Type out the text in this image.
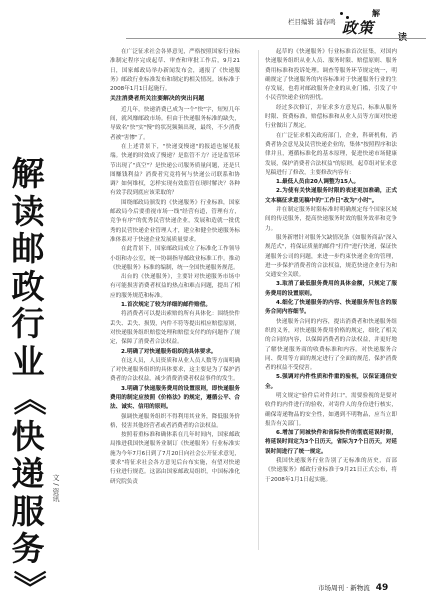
栏目编辑 浦春鸣
解
政策
读
解
读
邮
政
行
业
《
快
递
服
务
》
文 / 资讯

在广泛征求社会各界意见，严格按照国家行业标准制定程序完成起草、审查和审批工作后，9月21日，国家邮政局举办新闻发布会，通报了《快递服务》邮政行业标准发布和制定的相关情况。该标准于2008年1月1日起施行。

关注消费者所关注要解决的突出问题

近几年，快递消费已成为一个"快"字，短短几年间，就风靡邮政市场。但由于快递服务标准的缺失，导致名"快"实"慢"的状况频频出现，最终，不少消费者被"害惨"了。

在上述背景下，"快递变慢递"的报道也屡见报端。快递的时效成了慢递？是监管不力？还是监管环节出现了"真空"？是快递公司服务质量问题，还是只图赚钱利益？消费者究竟将何与快递公司联系和协调？如何维权，怎样实现有效监管在现时解决？各种有效手段到底应该采取的？

围绕邮政局颁发的《快递服务》行业标准，国家邮政局今后要重视市场一线"经营有道，管理有方，竞争有序"的优秀民营快递企业，发展和造就一批优秀的民营快递企业管理人才，建立和健全快递服务标准体系对于快递企业发展质量要求。

在此背景下，国家邮政局成立了标准化工作领导小组和办公室，统一协调指导邮政业标准工作。推动《快递服务》标准的编制，统一全国快递服务规范。

出台的《快递服务》，主要针对快递服务市场中有可能损害消费者权益的热点和难点问题，提出了相应的服务规范和标准。

1.首次规定了较为详细的邮件赔偿。

将消费者可以提出索赔的所有具体化：围绕快件丢失、丢失、损毁，内件不符等提出相应赔偿原则，对快递服务组织赔偿处理和赔偿支付约的问题作了规定，保障了消费者合法权益。

2.明确了对快递服务组织的具体要求。

在这人员，人员资质和从业人员人数等方面明确了对快递服务组织的具体要求，这主要是为了保护消费者的合法权益，减少消费消费者权益事件的发生。

3.明确了快递服务费用的设置原则，即快递服务费用的制定应按照《价格法》的规定，遵循公平、合法、诚实、信用的原则。

强调快递服务组织不得利用其业务，降低服务价格，侵害其他经营者或者消费者的合法权益。

按照着重标准和确体系在几年时间内，国家邮政局推进我国快递服务业制订《快递服务》行业标准实施为今年7月6日到了7月20日向社会公开征求意见，要求"将征求社会各方意见后台布实施，有望对快递行业进行规范。这部由国家邮政局组织，中国标准化研究院负责

起草的《快递服务》行业标准首次征集，对国内快递服务组织从业人员、服务时限、赔偿原则、服务费用标准和投诉处理。调查等服务环节规定统一，明确规定了快递服务的内容标准对于快递服务行业的生存发展，也将对邮政服务企业的从业门槛，引发了中小民营快递企业的担忧。

经过多次修订，并征求多方意见后，标准从服务时限、资费标准，赔偿标准和从业人员等方面对快递行业做出了规定。

在广泛征求相关政府部门，企业，科研机构，消费者协会意见及民营快递企业的，集体"按照程序和法律并且，遵循标准化的基本原理，促进快递市场健康发展，保护消费者合法权益"的原则，起草组对征求意见稿进行了修改，主要修改内容有：

1.最低人员由20人调整为15人。

2.为使有关快递服务时限的表述更加准确，正式文本稿征求意见稿中的"工作日"改为"小时"。

并在制定服务时限标准时明确规定每个国家区域间的传送服务，提高快递服务时效的服务效率和竞争力。

服务新增针对服务欠缺情况条《如服务商品"深入规范式"，将保证质量的邮件"打件"进行快递，保证快递服务公司的问题，来进一步约束快递企业的管理，进一步保护消费者的合法权益，规范快递企业行为和交通安全关联。

3.取消了最低服务费用的具体金额，只规定了服务费用的设置原则。

4.细化了快递服务的内容、快递服务所包含的服务合同内容细节。

快递服务合同的内容，提出消费者和快递服务组织的义务，对快递服务费用价格的规定，细化了相关的合同的内容，以保障消费者的合法权益，并更好地了解快递服务商的收费标准和内容。对快递服务合同、费用等方面的规定进行了全面的规范，保护消费者的权益不受侵害。

5.强调对内件性质和件重的验视，以保证通信安全。

明文规定"验件后对件封口"，需要验视的是要对收件的内件进行的验收，对寄件人的身份进行核实，确保寄递物品的安全性，如遇到不明物品，应当立即报告有关部门。

6.增加了同城快件和省际快件的彻底延误时限，将延误时间定为3个日历天，省际为7个日历天，对延误时间进行了统一规定。

我国快递服务行业告别了无标准的历史，首部《快递服务》邮政行业标准于9月21日正式公布，将于2008年1月1日起实施。

市场周刊 · 新物流 49
